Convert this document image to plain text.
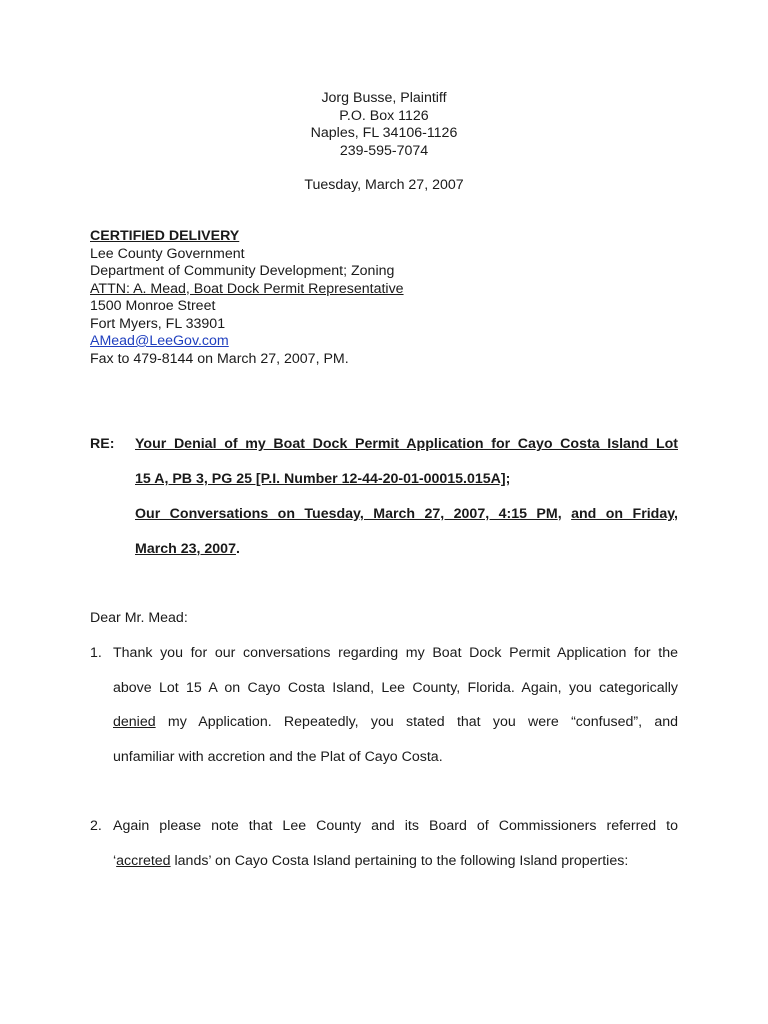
Jorg Busse, Plaintiff
P.O. Box 1126
Naples, FL 34106-1126
239-595-7074
Tuesday, March 27, 2007
CERTIFIED DELIVERY
Lee County Government
Department of Community Development; Zoning
ATTN: A. Mead, Boat Dock Permit Representative
1500 Monroe Street
Fort Myers, FL 33901
AMead@LeeGov.com
Fax to 479-8144 on March 27, 2007, PM.
RE: Your Denial of my Boat Dock Permit Application for Cayo Costa Island Lot
15 A, PB 3, PG 25 [P.I. Number 12-44-20-01-00015.015A];
Our Conversations on Tuesday, March 27, 2007, 4:15 PM, and on Friday,
March 23, 2007.
Dear Mr. Mead:
1. Thank you for our conversations regarding my Boat Dock Permit Application for the
above Lot 15 A on Cayo Costa Island, Lee County, Florida. Again, you categorically
denied my Application. Repeatedly, you stated that you were “confused”, and
unfamiliar with accretion and the Plat of Cayo Costa.
2. Again please note that Lee County and its Board of Commissioners referred to
‘accreted lands’ on Cayo Costa Island pertaining to the following Island properties:
